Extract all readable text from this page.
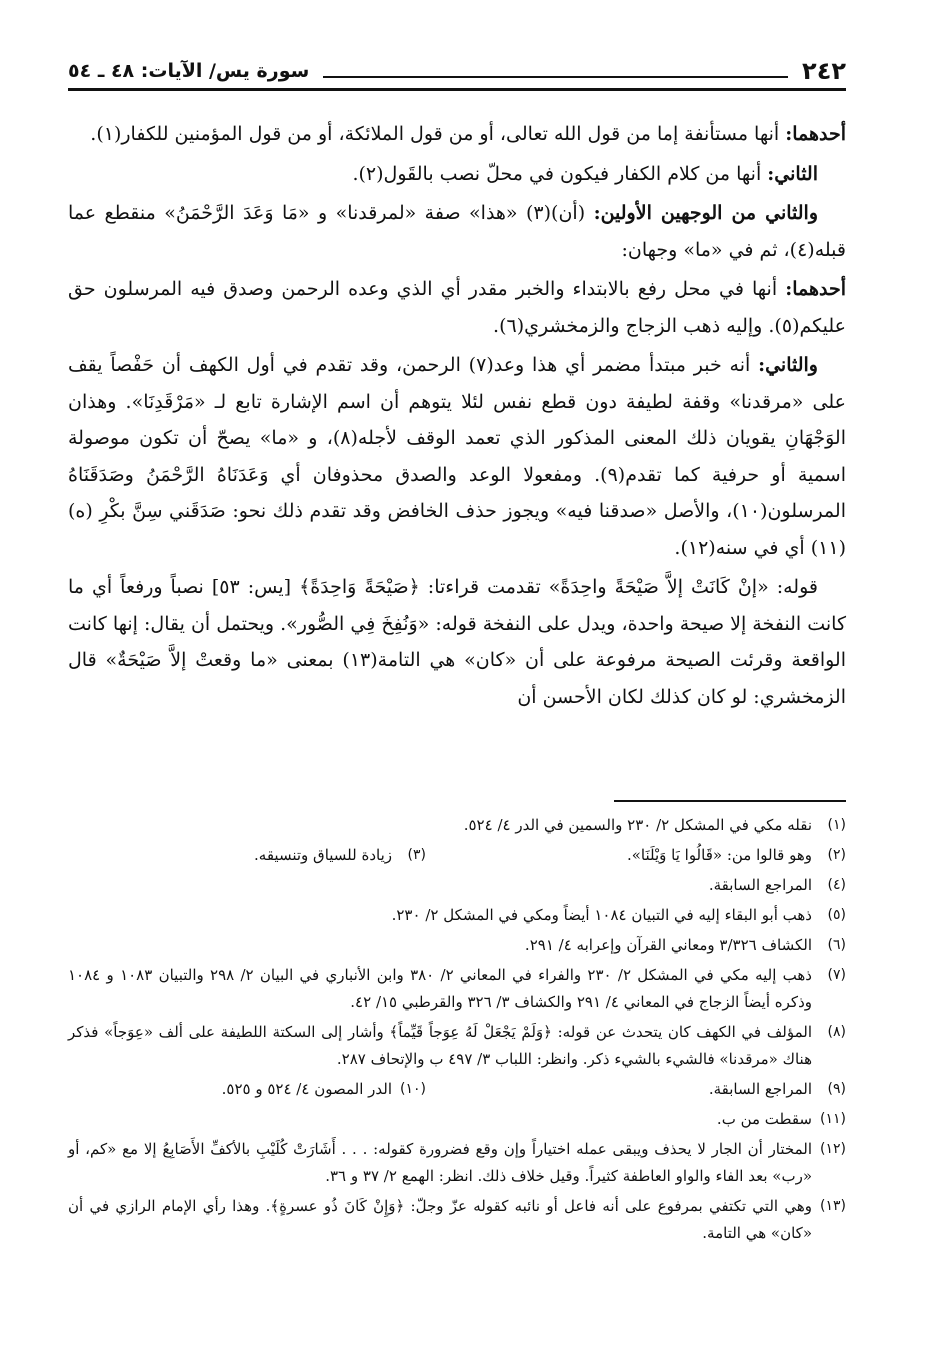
٢٤٢
سورة يس/ الآيات: ٤٨ ـ ٥٤

أحدهما: أنها مستأنفة إما من قول الله تعالى، أو من قول الملائكة، أو من قول المؤمنين للكفار(١).

الثاني: أنها من كلام الكفار فيكون في محلّ نصب بالقَول(٢).

والثاني من الوجهين الأولين: (أن)(٣) «هذا» صفة «لمرقدنا» و «مَا وَعَدَ الرَّحْمَنُ» منقطع عما قبله(٤)، ثم في «ما» وجهان:

أحدهما: أنها في محل رفع بالابتداء والخبر مقدر أي الذي وعده الرحمن وصدق فيه المرسلون حق عليكم(٥). وإليه ذهب الزجاج والزمخشري(٦).

والثاني: أنه خبر مبتدأ مضمر أي هذا وعد(٧) الرحمن، وقد تقدم في أول الكهف أن حَفْصاً يقف على «مرقدنا» وقفة لطيفة دون قطع نفس لئلا يتوهم أن اسم الإشارة تابع لـ «مَرْقَدِنَا». وهذان الوَجْهَانِ يقويان ذلك المعنى المذكور الذي تعمد الوقف لأجله(٨)، و «ما» يصحّ أن تكون موصولة اسمية أو حرفية كما تقدم(٩). ومفعولا الوعد والصدق محذوفان أي وَعَدَنَاهُ الرَّحْمَنُ وصَدَقَنَاهُ المرسلون(١٠)، والأصل «صدقنا فيه» ويجوز حذف الخافض وقد تقدم ذلك نحو: صَدَقَني سِنَّ بكْرِ (ه)(١١) أي في سنه(١٢).

قوله: «إنْ كَانَتْ إلاَّ صَيْحَةً واحِدَةً» تقدمت قراءتا: ﴿صَيْحَةً وَاحِدَةً﴾ [يس: ٥٣] نصباً ورفعاً أي ما كانت النفخة إلا صيحة واحدة، ويدل على النفخة قوله: «وَنُفِخَ فِي الصُّور». ويحتمل أن يقال: إنها كانت الواقعة وقرئت الصيحة مرفوعة على أن «كان» هي التامة(١٣) بمعنى «ما وقعتْ إلاَّ صَيْحَةٌ» قال الزمخشري: لو كان كذلك لكان الأحسن أن

(١)
نقله مكي في المشكل ٢/ ٢٣٠ والسمين في الدر ٤/ ٥٢٤.
(٢)
وهو قالوا من: «قَالُوا يَا وَيْلَنَا».
(٣)
زيادة للسياق وتنسيقه.
(٤)
المراجع السابقة.
(٥)
ذهب أبو البقاء إليه في التبيان ١٠٨٤ أيضاً ومكي في المشكل ٢/ ٢٣٠.
(٦)
الكشاف ٣/٣٢٦ ومعاني القرآن وإعرابه ٤/ ٢٩١.
(٧)
ذهب إليه مكي في المشكل ٢/ ٢٣٠ والفراء في المعاني ٢/ ٣٨٠ وابن الأنباري في البيان ٢/ ٢٩٨ والتبيان ١٠٨٣ و ١٠٨٤ وذكره أيضاً الزجاج في المعاني ٤/ ٢٩١ والكشاف ٣/ ٣٢٦ والقرطبي ١٥/ ٤٢.
(٨)
المؤلف في الكهف كان يتحدث عن قوله: ﴿وَلَمْ يَجْعَلْ لَهُ عِوَجاً قَيِّماً﴾ وأشار إلى السكتة اللطيفة على ألف «عِوَجاً» فذكر هناك «مرقدنا» فالشيء بالشيء ذكر. وانظر: اللباب ٣/ ٤٩٧ ب والإتحاف ٢٨٧.
(٩)
المراجع السابقة.
(١٠)
الدر المصون ٤/ ٥٢٤ و ٥٢٥.
(١١)
سقطت من ب.
(١٢)
المختار أن الجار لا يحذف ويبقى عمله اختياراً وإن وقع فضرورة كقوله: . . . أَشَارَتْ كُلَيْبِ بالأكفِّ الأَصَابِعُ إلا مع «كم، أو «رب» بعد الفاء والواو العاطفة كثيراً. وقيل خلاف ذلك. انظر: الهمع ٢/ ٣٧ و ٣٦.
(١٣)
وهي التي تكتفي بمرفوع على أنه فاعل أو نائبه كقوله عزّ وجلّ: ﴿وَإِنْ كَانَ ذُو عسرةٍ﴾. وهذا رأي الإمام الرازي في أن «كان» هي التامة.
